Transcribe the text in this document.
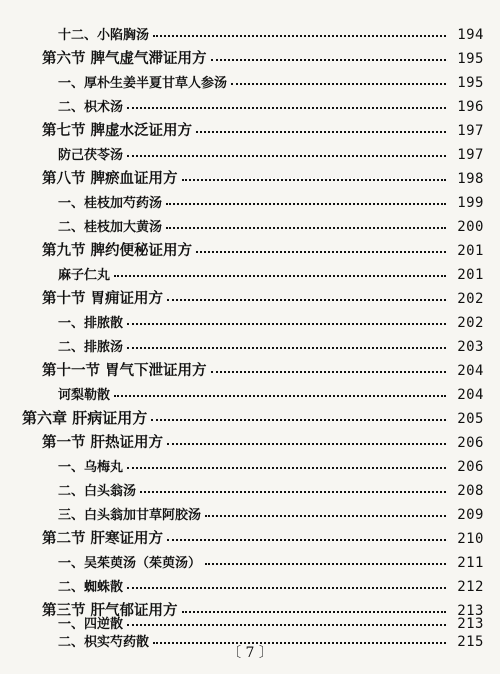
十二、小陷胸汤	194
第六节 脾气虚气滞证用方	195
一、厚朴生姜半夏甘草人参汤	195
二、枳术汤	196
第七节 脾虚水泛证用方	197
防己茯苓汤	197
第八节 脾瘀血证用方	198
一、桂枝加芍药汤	199
二、桂枝加大黄汤	200
第九节 脾约便秘证用方	201
麻子仁丸	201
第十节 胃痈证用方	202
一、排脓散	202
二、排脓汤	203
第十一节 胃气下泄证用方	204
诃梨勒散	204
第六章 肝病证用方	205
第一节 肝热证用方	206
一、乌梅丸	206
二、白头翁汤	208
三、白头翁加甘草阿胶汤	209
第二节 肝寒证用方	210
一、吴茱萸汤（茱萸汤）	211
二、蜘蛛散	212
第三节 肝气郁证用方	213
一、四逆散	213
二、枳实芍药散	215
〔 7 〕
